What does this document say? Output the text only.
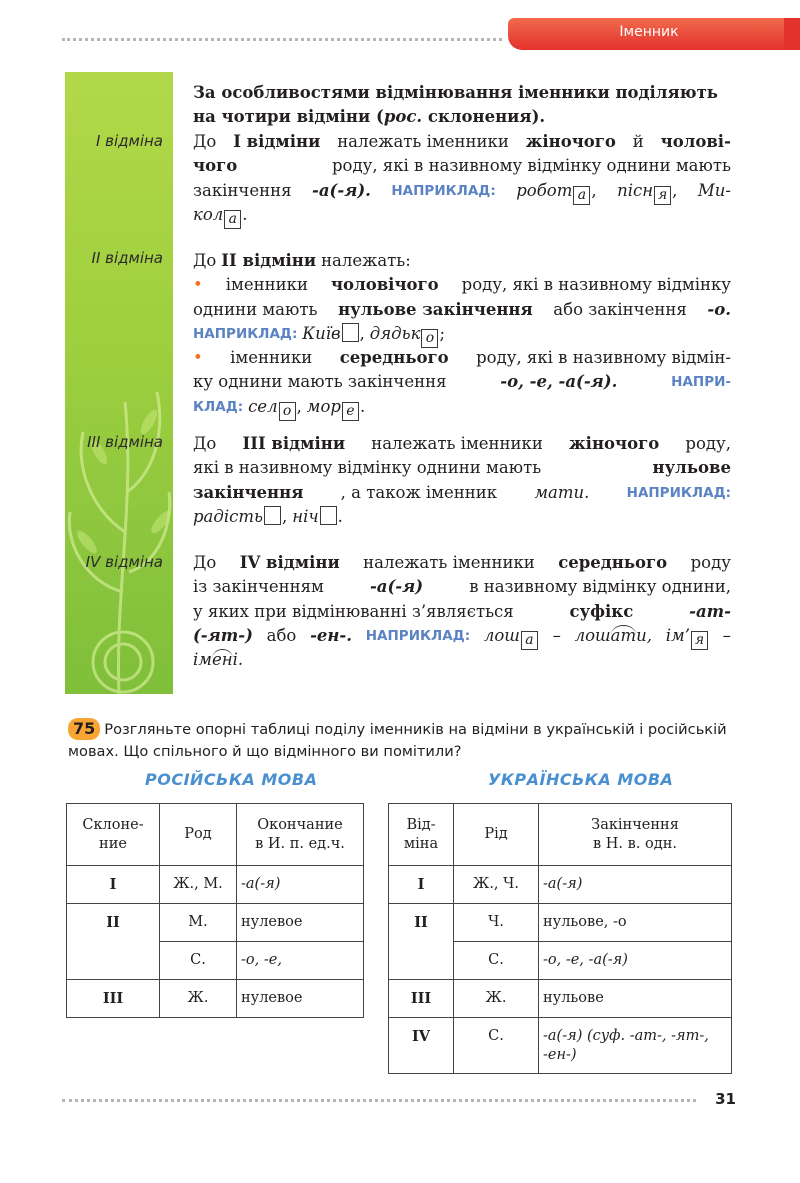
Іменник
І відміна
ІІ відміна
ІІІ відміна
ІV відміна
За особливостями відмінювання іменники поділяють
на чотири відміни (рос. склонения).
До І відміни належать іменники жіночого й чолові-
чого	роду, які в називному відмінку однини мають
закінчення -а(-я). НАПРИКЛАД: робот а , пісн я , Ми-
кол а .
До ІІ відміни належать:
• іменники чоловічого роду, які в називному відмінку
однини мають нульове закінчення або закінчення -о.
НАПРИКЛАД: Київ , дядьк о ;
• іменники середнього роду, які в називному відмін-
ку однини мають закінчення	-о, -е, -а(-я).	НАПРИ-
КЛАД: сел о , мор е .
До ІІІ відміни належать іменники жіночого роду,
які в називному відмінку однини мають	нульове
закінчення , а також іменник мати.	НАПРИКЛАД:
радість , ніч .
До ІV відміни належать іменники середнього роду
із закінченням	-а(-я)	в називному відмінку однини,
у яких при відмінюванні з’являється	суфікс	-ат-
(-ят-) або -ен-. НАПРИКЛАД: лош а	– лошати, ім’ я –
імені.
75 Розгляньте опорні таблиці поділу іменників на відміни в українській і російській мовах. Що спільного й що відмінного ви помітили?
РОСІЙСЬКА МОВА	УКРАЇНСЬКА МОВА
Склоне-
ние	Род	Окончание
в И. п. ед.ч.
I	Ж., М.	-а(-я)
II	М.	нулевое
	С.	-о, -е,
III	Ж.	нулевое
Від-
міна	Рід	Закінчення
в Н. в. одн.
І	Ж., Ч.	-а(-я)
ІІ	Ч.	нульове, -о
	С.	-о, -е, -а(-я)
ІІІ	Ж.	нульове
ІV	С.	-а(-я) (суф. -ат-, -ят-, -ен-)
31
